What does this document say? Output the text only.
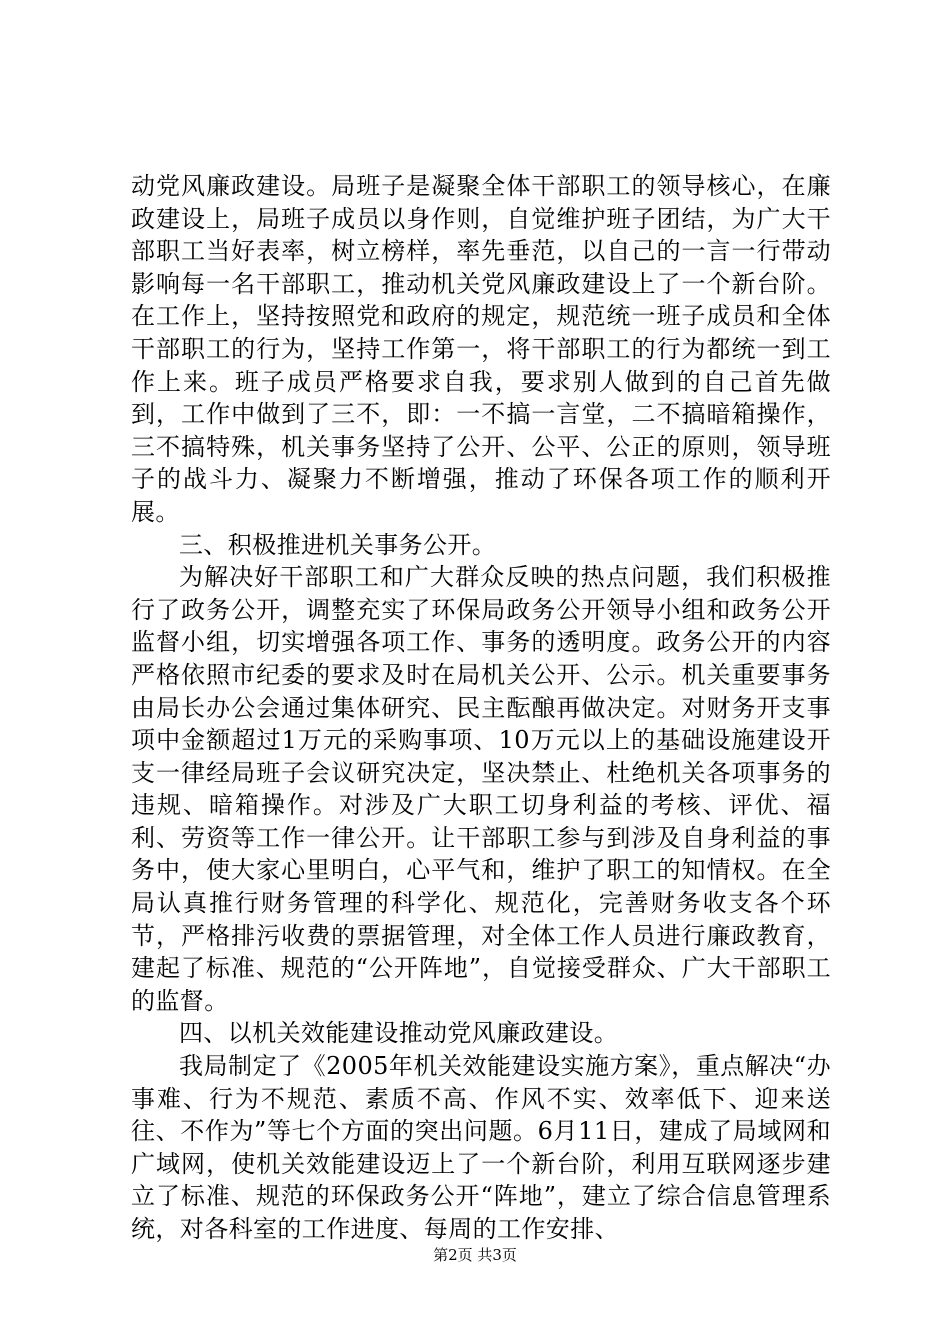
动党风廉政建设。局班子是凝聚全体干部职工的领导核心，在廉政建设上，局班子成员以身作则，自觉维护班子团结，为广大干部职工当好表率，树立榜样，率先垂范，以自己的一言一行带动影响每一名干部职工，推动机关党风廉政建设上了一个新台阶。在工作上，坚持按照党和政府的规定，规范统一班子成员和全体干部职工的行为，坚持工作第一，将干部职工的行为都统一到工作上来。班子成员严格要求自我，要求别人做到的自己首先做到，工作中做到了三不，即：一不搞一言堂，二不搞暗箱操作，三不搞特殊，机关事务坚持了公开、公平、公正的原则，领导班子的战斗力、凝聚力不断增强，推动了环保各项工作的顺利开展。

三、积极推进机关事务公开。

为解决好干部职工和广大群众反映的热点问题，我们积极推行了政务公开，调整充实了环保局政务公开领导小组和政务公开监督小组，切实增强各项工作、事务的透明度。政务公开的内容严格依照市纪委的要求及时在局机关公开、公示。机关重要事务由局长办公会通过集体研究、民主酝酿再做决定。对财务开支事项中金额超过1万元的采购事项、10万元以上的基础设施建设开支一律经局班子会议研究决定，坚决禁止、杜绝机关各项事务的违规、暗箱操作。对涉及广大职工切身利益的考核、评优、福利、劳资等工作一律公开。让干部职工参与到涉及自身利益的事务中，使大家心里明白，心平气和，维护了职工的知情权。在全局认真推行财务管理的科学化、规范化，完善财务收支各个环节，严格排污收费的票据管理，对全体工作人员进行廉政教育，建起了标准、规范的“公开阵地”，自觉接受群众、广大干部职工的监督。

四、以机关效能建设推动党风廉政建设。

我局制定了《2005年机关效能建设实施方案》，重点解决“办事难、行为不规范、素质不高、作风不实、效率低下、迎来送往、不作为”等七个方面的突出问题。6月11日，建成了局域网和广域网，使机关效能建设迈上了一个新台阶，利用互联网逐步建立了标准、规范的环保政务公开“阵地”，建立了综合信息管理系统，对各科室的工作进度、每周的工作安排、

第2页 共3页
